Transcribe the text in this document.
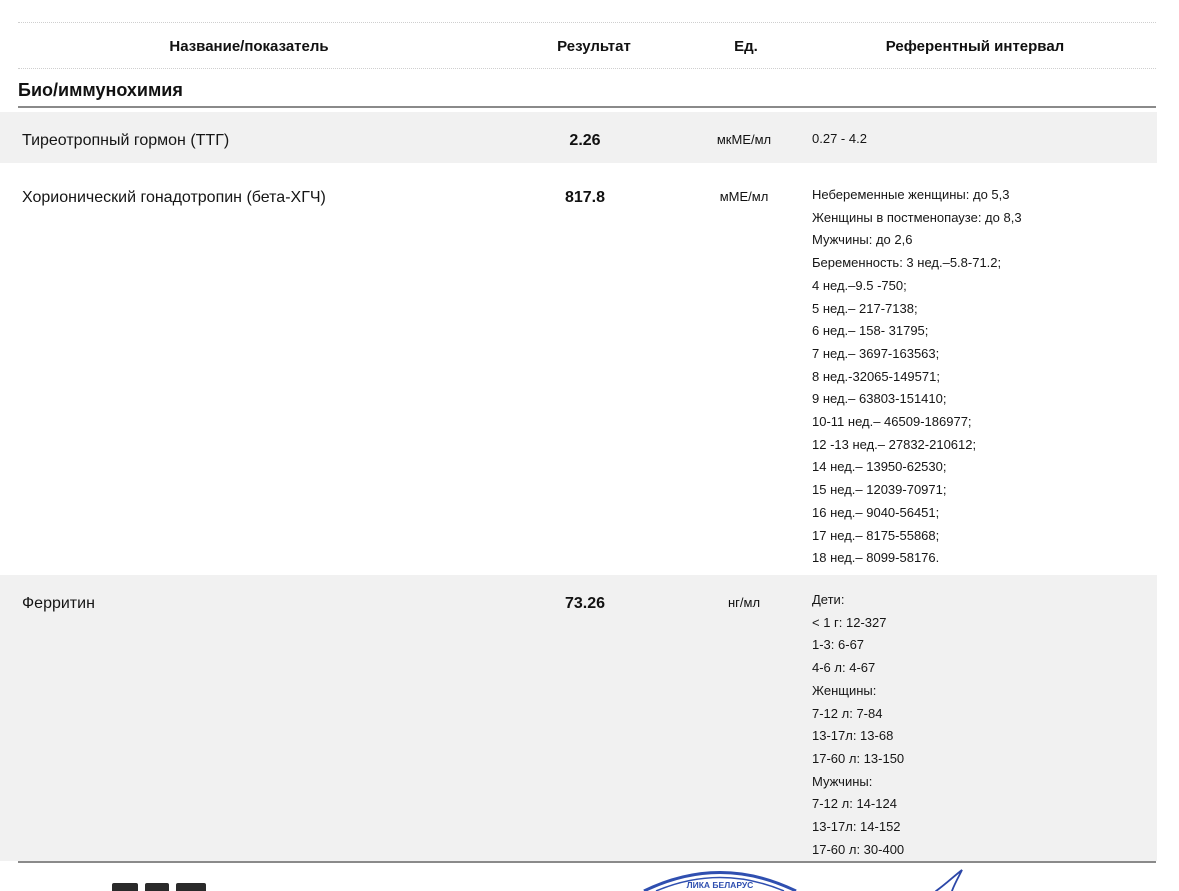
Название/показатель	Результат	Ед.	Референтный интервал
Био/иммунохимия
Тиреотропный гормон (ТТГ)	2.26	мкМЕ/мл	0.27 - 4.2
Хорионический гонадотропин (бета-ХГЧ)	817.8	мМЕ/мл	Небеременные женщины: до 5,3
Женщины в постменопаузе: до 8,3
Мужчины: до 2,6
Беременность: 3 нед.–5.8-71.2;
4 нед.–9.5 -750;
5 нед.– 217-7138;
6 нед.– 158- 31795;
7 нед.– 3697-163563;
8 нед.-32065-149571;
9 нед.– 63803-151410;
10-11 нед.– 46509-186977;
12 -13 нед.– 27832-210612;
14 нед.– 13950-62530;
15 нед.– 12039-70971;
16 нед.– 9040-56451;
17 нед.– 8175-55868;
18 нед.– 8099-58176.
Ферритин	73.26	нг/мл	Дети:
< 1 г: 12-327
1-3: 6-67
4-6 л: 4-67
Женщины:
7-12 л: 7-84
13-17л: 13-68
17-60 л: 13-150
Мужчины:
7-12 л: 14-124
13-17л: 14-152
17-60 л: 30-400
ЛИКА БЕЛАРУС
